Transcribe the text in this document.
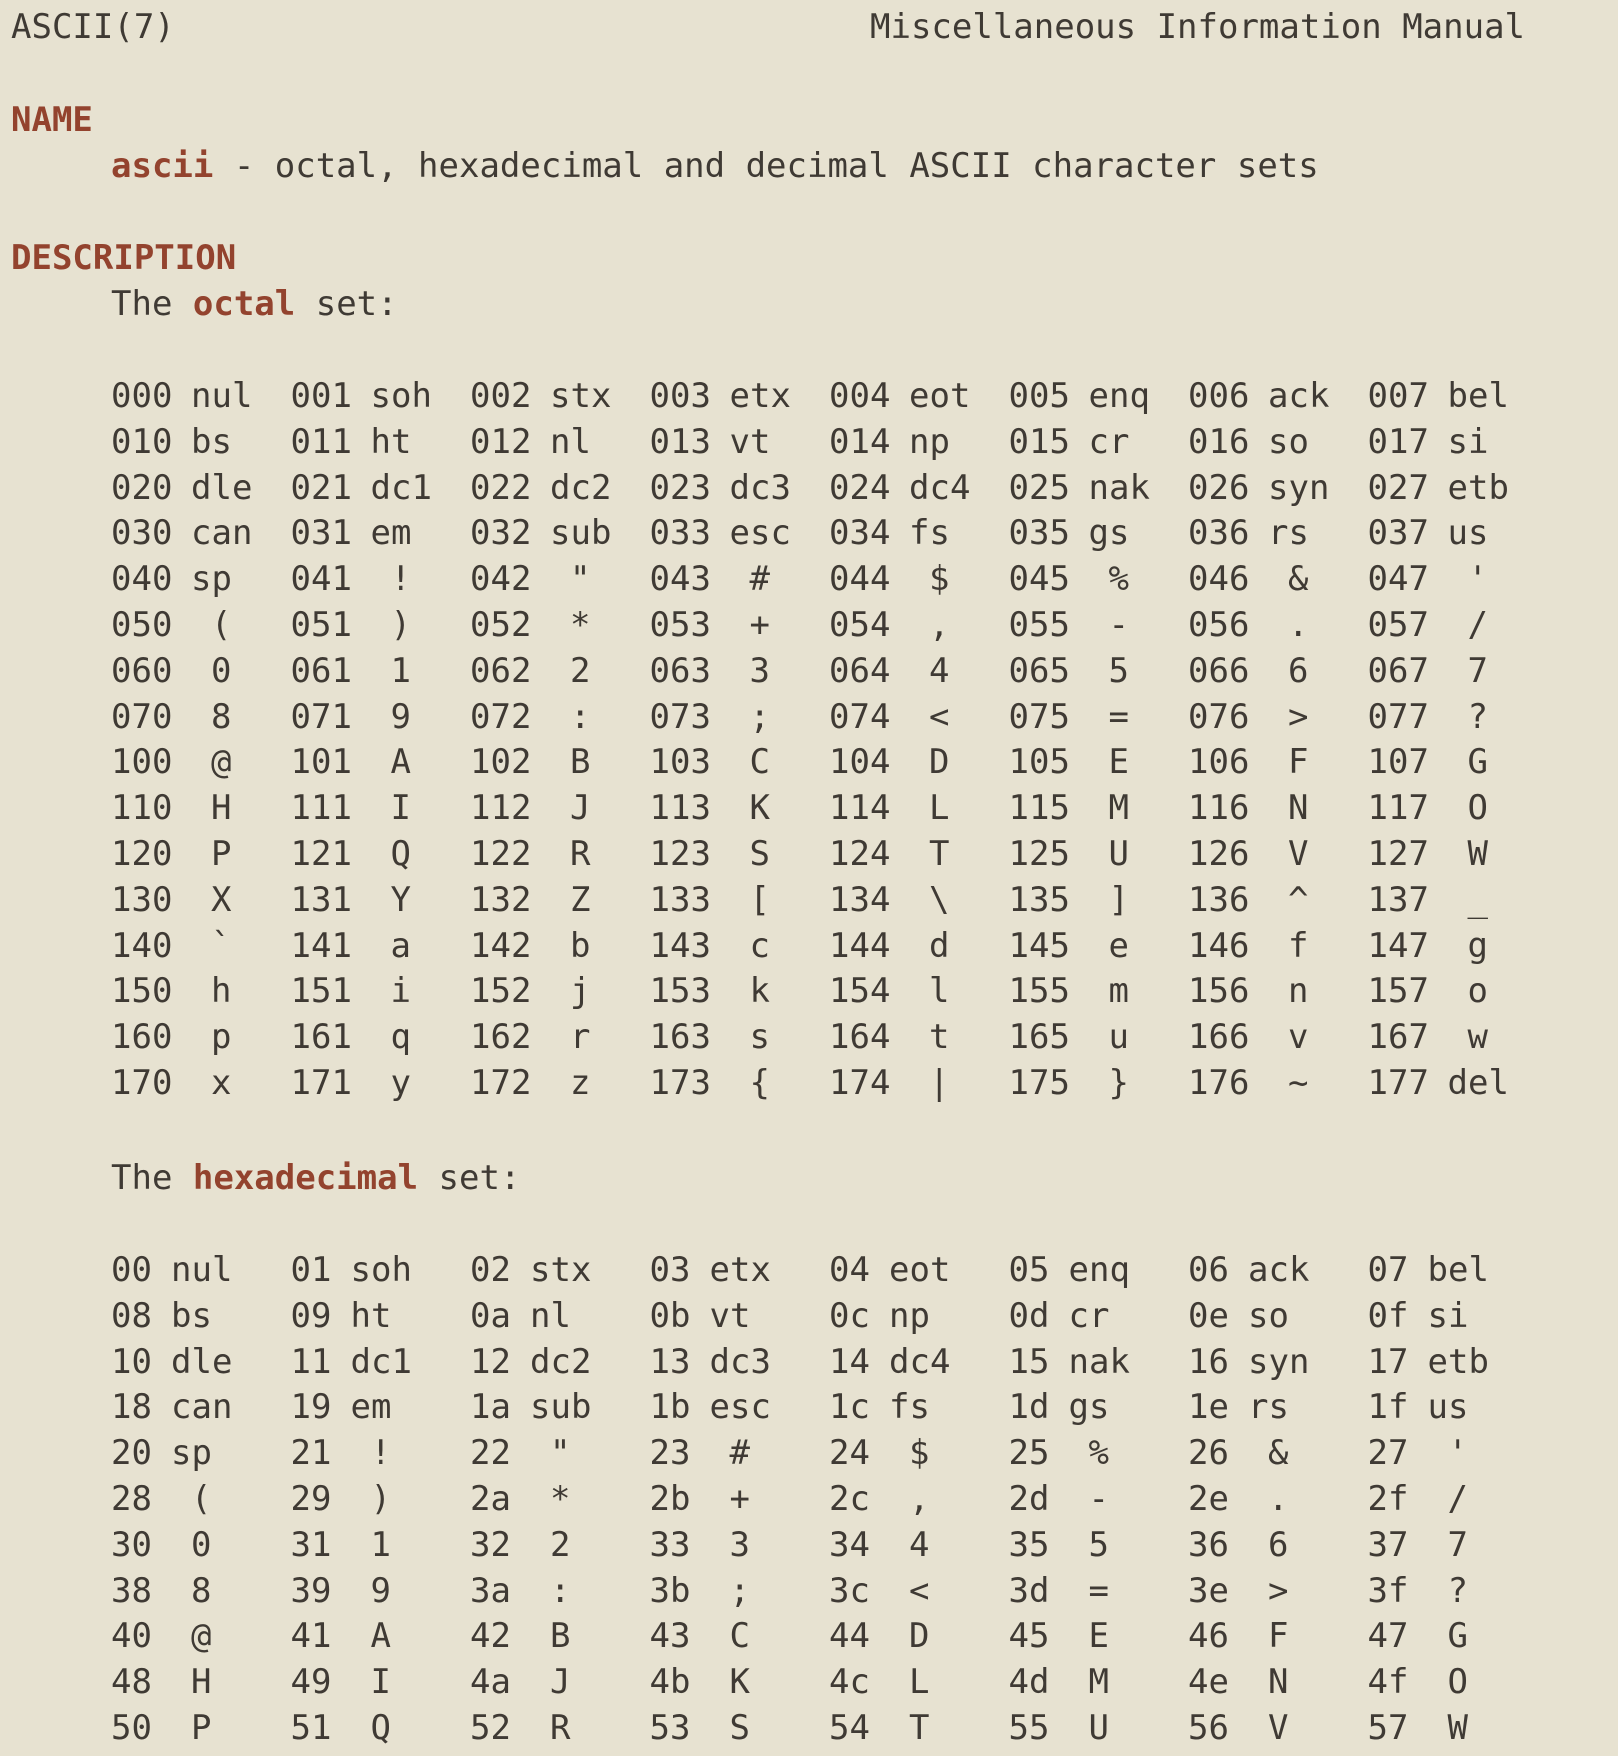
ASCII(7)	Miscellaneous Information Manual
NAME
ascii - octal, hexadecimal and decimal ASCII character sets
DESCRIPTION
The octal set:
000 nul 001 soh 002 stx 003 etx 004 eot 005 enq 006 ack 007 bel
010 bs 011 ht 012 nl 013 vt 014 np 015 cr 016 so 017 si
020 dle 021 dc1 022 dc2 023 dc3 024 dc4 025 nak 026 syn 027 etb
030 can 031 em 032 sub 033 esc 034 fs 035 gs 036 rs 037 us
040 sp 041 ! 042 " 043 # 044 $ 045 % 046 & 047 '
050 ( 051 ) 052 * 053 + 054 , 055 - 056 . 057 /
060 0 061 1 062 2 063 3 064 4 065 5 066 6 067 7
070 8 071 9 072 : 073 ; 074 < 075 = 076 > 077 ?
100 @ 101 A 102 B 103 C 104 D 105 E 106 F 107 G
110 H 111 I 112 J 113 K 114 L 115 M 116 N 117 O
120 P 121 Q 122 R 123 S 124 T 125 U 126 V 127 W
130 X 131 Y 132 Z 133 [ 134 \ 135 ] 136 ^ 137 _
140 ` 141 a 142 b 143 c 144 d 145 e 146 f 147 g
150 h 151 i 152 j 153 k 154 l 155 m 156 n 157 o
160 p 161 q 162 r 163 s 164 t 165 u 166 v 167 w
170 x 171 y 172 z 173 { 174 | 175 } 176 ~ 177 del
The hexadecimal set:
00 nul 01 soh 02 stx 03 etx 04 eot 05 enq 06 ack 07 bel
08 bs 09 ht 0a nl 0b vt 0c np 0d cr 0e so 0f si
10 dle 11 dc1 12 dc2 13 dc3 14 dc4 15 nak 16 syn 17 etb
18 can 19 em 1a sub 1b esc 1c fs 1d gs 1e rs 1f us
20 sp 21 ! 22 " 23 # 24 $ 25 % 26 & 27 '
28 ( 29 ) 2a * 2b + 2c , 2d - 2e . 2f /
30 0 31 1 32 2 33 3 34 4 35 5 36 6 37 7
38 8 39 9 3a : 3b ; 3c < 3d = 3e > 3f ?
40 @ 41 A 42 B 43 C 44 D 45 E 46 F 47 G
48 H 49 I 4a J 4b K 4c L 4d M 4e N 4f O
50 P 51 Q 52 R 53 S 54 T 55 U 56 V 57 W
